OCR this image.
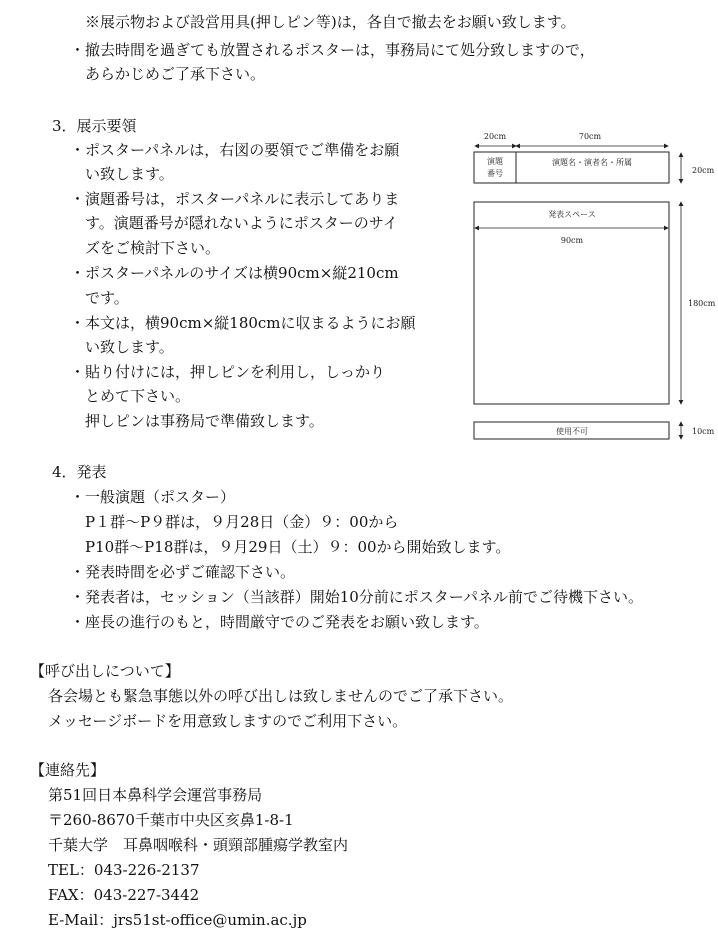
※展示物および設営用具(押しピン等)は，各自で撤去をお願い致します。
・撤去時間を過ぎても放置されるポスターは，事務局にて処分致しますので，
あらかじめご了承下さい。
3．展示要領
・ポスターパネルは，右図の要領でご準備をお願
い致します。
・演題番号は，ポスターパネルに表示してありま
す。演題番号が隠れないようにポスターのサイ
ズをご検討下さい。
・ポスターパネルのサイズは横90cm×縦210cm
です。
・本文は，横90cm×縦180cmに収まるようにお願
い致します。
・貼り付けには，押しピンを利用し，しっかり
とめて下さい。
押しピンは事務局で準備致します。
20cm	70cm
演題
番号
演題名・演者名・所属
20cm
発表スペース
90cm
180cm
使用不可	10cm
4．発表
・一般演題（ポスター）
P１群～P９群は，９月28日（金）９：00から
P10群～P18群は，９月29日（土）９：00から開始致します。
・発表時間を必ずご確認下さい。
・発表者は，セッション（当該群）開始10分前にポスターパネル前でご待機下さい。
・座長の進行のもと，時間厳守でのご発表をお願い致します。
【呼び出しについて】
各会場とも緊急事態以外の呼び出しは致しませんのでご了承下さい。
メッセージボードを用意致しますのでご利用下さい。
【連絡先】
第51回日本鼻科学会運営事務局
〒260-8670千葉市中央区亥鼻1-8-1
千葉大学　耳鼻咽喉科・頭頸部腫瘍学教室内
TEL：043-226-2137
FAX：043-227-3442
E-Mail：jrs51st-office@umin.ac.jp
